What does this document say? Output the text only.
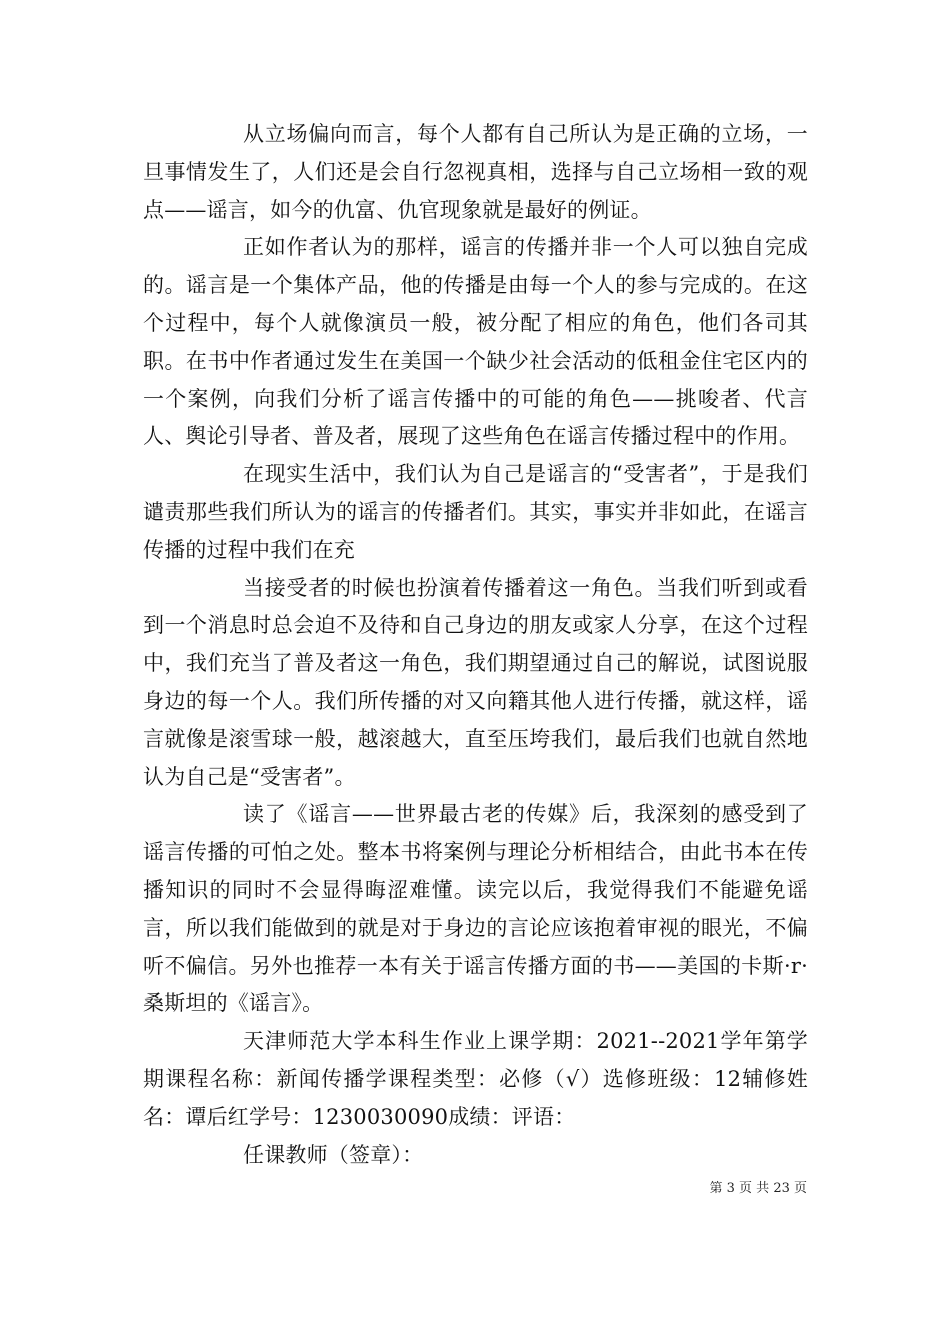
从立场偏向而言，每个人都有自己所认为是正确的立场，一旦事情发生了，人们还是会自行忽视真相，选择与自己立场相一致的观点——谣言，如今的仇富、仇官现象就是最好的例证。

正如作者认为的那样，谣言的传播并非一个人可以独自完成的。谣言是一个集体产品，他的传播是由每一个人的参与完成的。在这个过程中，每个人就像演员一般，被分配了相应的角色，他们各司其职。在书中作者通过发生在美国一个缺少社会活动的低租金住宅区内的一个案例，向我们分析了谣言传播中的可能的角色——挑唆者、代言人、舆论引导者、普及者，展现了这些角色在谣言传播过程中的作用。

在现实生活中，我们认为自己是谣言的“受害者”，于是我们谴责那些我们所认为的谣言的传播者们。其实，事实并非如此，在谣言传播的过程中我们在充

当接受者的时候也扮演着传播着这一角色。当我们听到或看到一个消息时总会迫不及待和自己身边的朋友或家人分享，在这个过程中，我们充当了普及者这一角色，我们期望通过自己的解说，试图说服身边的每一个人。我们所传播的对又向籍其他人进行传播，就这样，谣言就像是滚雪球一般，越滚越大，直至压垮我们，最后我们也就自然地认为自己是“受害者”。

读了《谣言——世界最古老的传媒》后，我深刻的感受到了谣言传播的可怕之处。整本书将案例与理论分析相结合，由此书本在传播知识的同时不会显得晦涩难懂。读完以后，我觉得我们不能避免谣言，所以我们能做到的就是对于身边的言论应该抱着审视的眼光，不偏听不偏信。另外也推荐一本有关于谣言传播方面的书——美国的卡斯·r·桑斯坦的《谣言》。

天津师范大学本科生作业上课学期：2021--2021学年第学期课程名称：新闻传播学课程类型：必修（√）选修班级：12辅修姓名：谭后红学号：1230030090成绩：评语：

任课教师（签章）：

第 3 页 共 23 页
